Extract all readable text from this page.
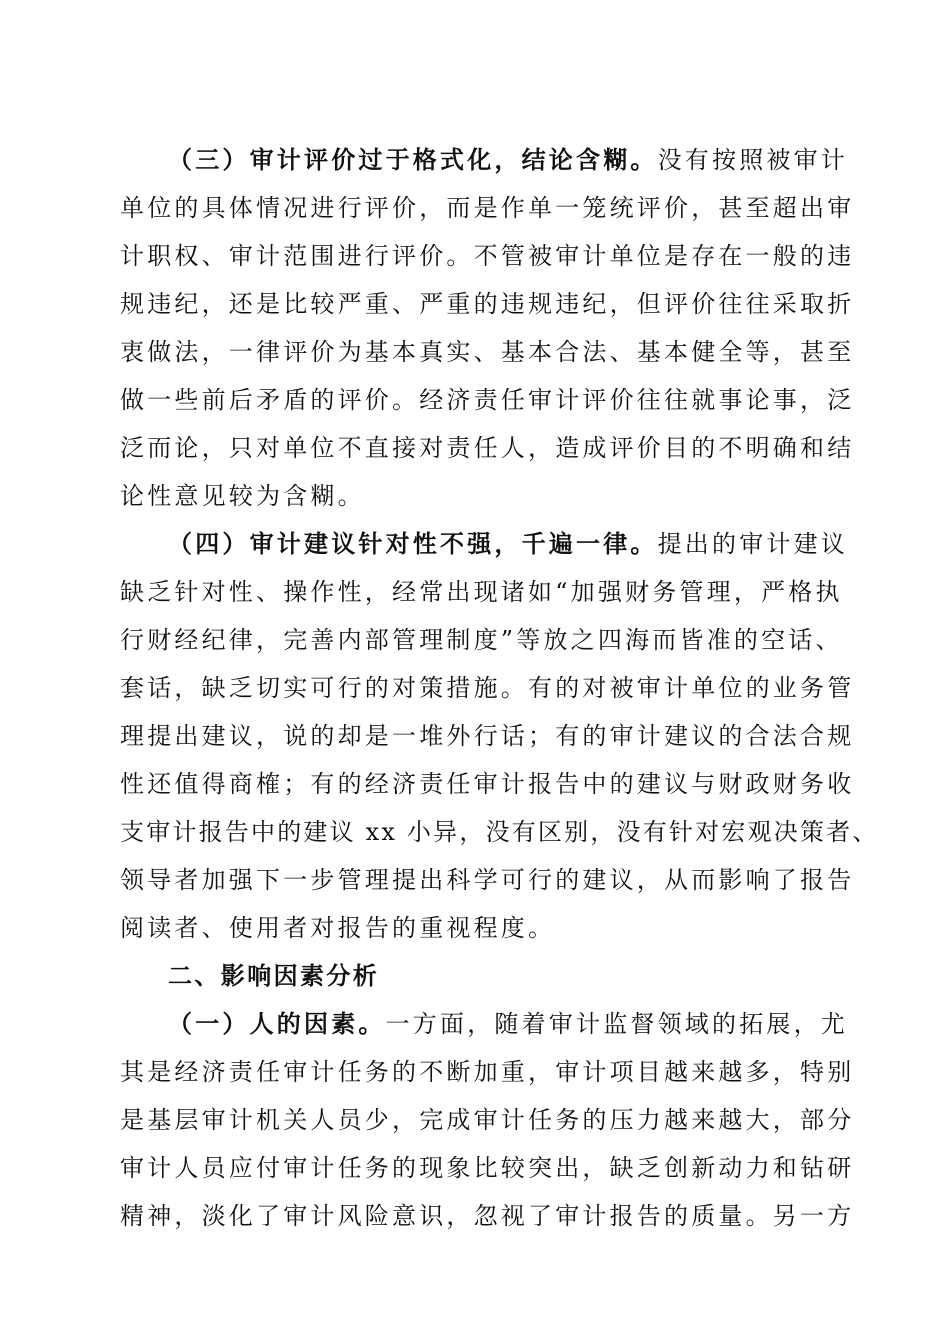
（三）审计评价过于格式化，结论含糊。没有按照被审计
单位的具体情况进行评价，而是作单一笼统评价，甚至超出审
计职权、审计范围进行评价。不管被审计单位是存在一般的违
规违纪，还是比较严重、严重的违规违纪，但评价往往采取折
衷做法，一律评价为基本真实、基本合法、基本健全等，甚至
做一些前后矛盾的评价。经济责任审计评价往往就事论事，泛
泛而论，只对单位不直接对责任人，造成评价目的不明确和结
论性意见较为含糊。
（四）审计建议针对性不强，千遍一律。提出的审计建议
缺乏针对性、操作性，经常出现诸如“加强财务管理，严格执
行财经纪律，完善内部管理制度”等放之四海而皆准的空话、
套话，缺乏切实可行的对策措施。有的对被审计单位的业务管
理提出建议，说的却是一堆外行话；有的审计建议的合法合规
性还值得商榷；有的经济责任审计报告中的建议与财政财务收
支审计报告中的建议 xx 小异，没有区别，没有针对宏观决策者、
领导者加强下一步管理提出科学可行的建议，从而影响了报告
阅读者、使用者对报告的重视程度。
二、影响因素分析
（一）人的因素。一方面，随着审计监督领域的拓展，尤
其是经济责任审计任务的不断加重，审计项目越来越多，特别
是基层审计机关人员少，完成审计任务的压力越来越大，部分
审计人员应付审计任务的现象比较突出，缺乏创新动力和钻研
精神，淡化了审计风险意识，忽视了审计报告的质量。另一方
